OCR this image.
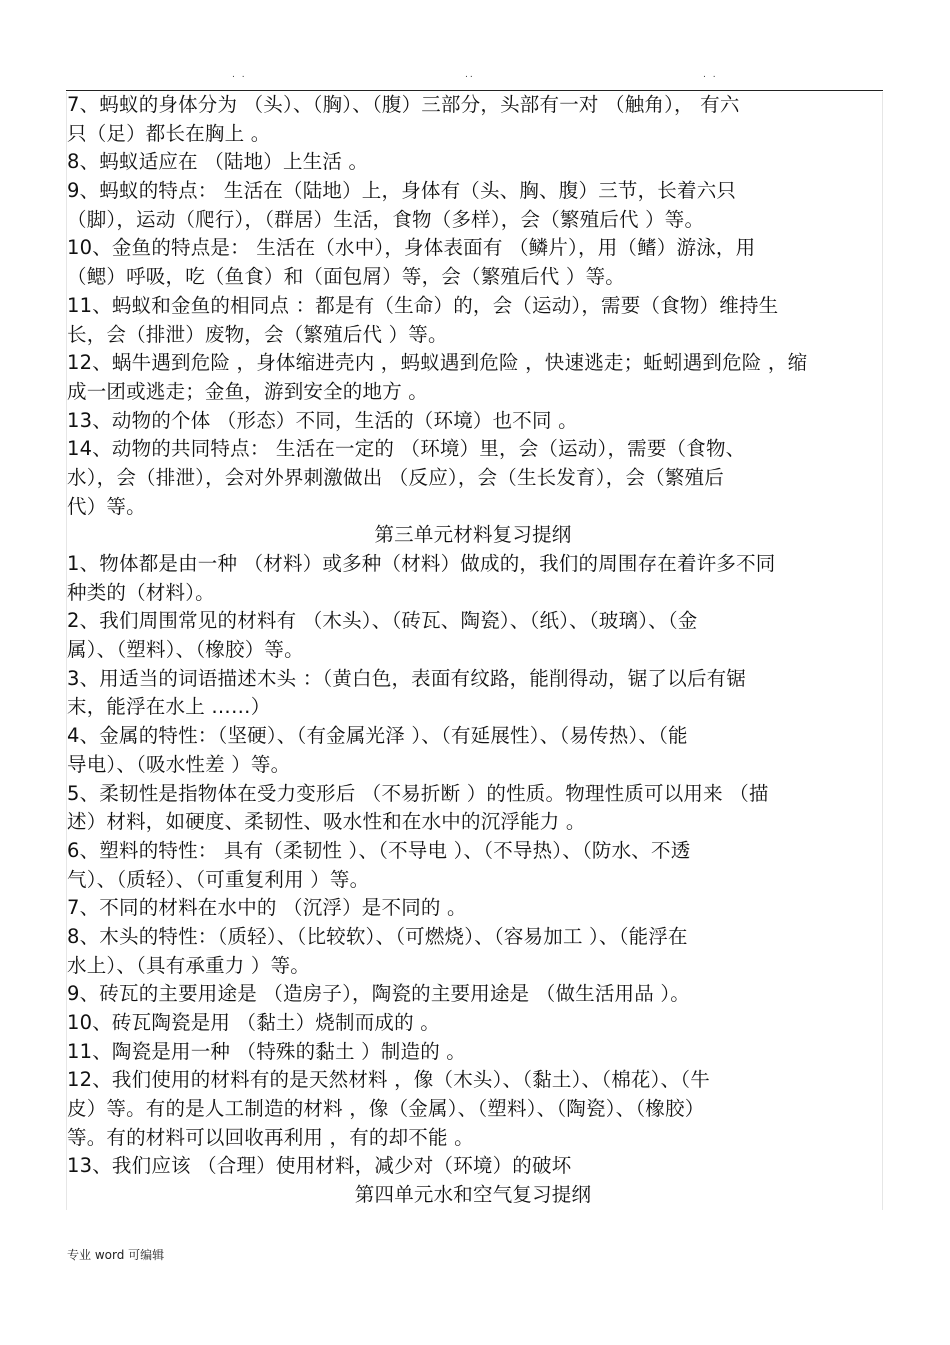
. .	..	. .
7、蚂蚁的身体分为 （头）、（胸）、（腹）三部分，头部有一对 （触角）， 有六
只（足）都长在胸上 。
8、蚂蚁适应在 （陆地）上生活 。
9、蚂蚁的特点： 生活在（陆地）上，身体有（头、胸、腹）三节，长着六只
（脚），运动（爬行），（群居）生活，食物（多样），会（繁殖后代 ）等。
10、金鱼的特点是： 生活在（水中），身体表面有 （鳞片），用（鳍）游泳，用
（鳃）呼吸，吃（鱼食）和（面包屑）等，会（繁殖后代 ）等。
11、蚂蚁和金鱼的相同点 ：都是有（生命）的，会（运动），需要（食物）维持生
长，会（排泄）废物，会（繁殖后代 ）等。
12、蜗牛遇到危险 ，身体缩进壳内 ，蚂蚁遇到危险 ，快速逃走；蚯蚓遇到危险 ，缩
成一团或逃走；金鱼，游到安全的地方 。
13、动物的个体 （形态）不同，生活的（环境）也不同 。
14、动物的共同特点： 生活在一定的 （环境）里，会（运动），需要（食物、
水），会（排泄），会对外界刺激做出 （反应），会（生长发育），会（繁殖后
代）等。
第三单元材料复习提纲
1、物体都是由一种 （材料）或多种（材料）做成的，我们的周围存在着许多不同
种类的（材料）。
2、我们周围常见的材料有 （木头）、（砖瓦、陶瓷）、（纸）、（玻璃）、（金
属）、（塑料）、（橡胶）等。
3、用适当的词语描述木头 ：（黄白色，表面有纹路，能削得动，锯了以后有锯
末，能浮在水上 ……）
4、金属的特性：（坚硬）、（有金属光泽 ）、（有延展性）、（易传热）、（能
导电）、（吸水性差 ）等。
5、柔韧性是指物体在受力变形后 （不易折断 ）的性质。物理性质可以用来 （描
述）材料，如硬度、柔韧性、吸水性和在水中的沉浮能力 。
6、塑料的特性： 具有（柔韧性 ）、（不导电 ）、（不导热）、（防水、不透
气）、（质轻）、（可重复利用 ）等。
7、不同的材料在水中的 （沉浮）是不同的 。
8、木头的特性：（质轻）、（比较软）、（可燃烧）、（容易加工 ）、（能浮在
水上）、（具有承重力 ）等。
9、砖瓦的主要用途是 （造房子），陶瓷的主要用途是 （做生活用品 ）。
10、砖瓦陶瓷是用 （黏土）烧制而成的 。
11、陶瓷是用一种 （特殊的黏土 ）制造的 。
12、我们使用的材料有的是天然材料 ，像（木头）、（黏土）、（棉花）、（牛
皮）等。有的是人工制造的材料 ，像（金属）、（塑料）、（陶瓷）、（橡胶）
等。有的材料可以回收再利用 ，有的却不能 。
13、我们应该 （合理）使用材料，减少对（环境）的破坏
第四单元水和空气复习提纲
专业 word 可编辑
